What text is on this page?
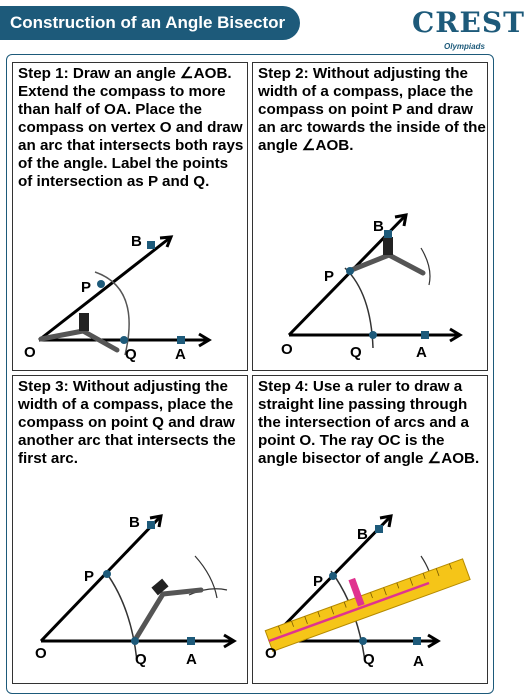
Construction of an Angle Bisector	CREST
Olympiads
Step 1: Draw an angle ∠AOB. Extend the compass to more than half of OA. Place the compass on vertex O and draw an arc that intersects both rays of the angle. Label the points of intersection as P and Q.
O
P
Q	A
B
Step 2: Without adjusting the width of a compass, place the compass on point P and draw an arc towards the inside of the angle ∠AOB.
O
P
Q	A
B
Step 3: Without adjusting the width of a compass, place the compass on point Q and draw another arc that intersects the first arc.
O
P
Q	A
B
Step 4: Use a ruler to draw a straight line passing through the intersection of arcs and a point O. The ray OC is the angle bisector of angle ∠AOB.
O
P
Q	A
B
